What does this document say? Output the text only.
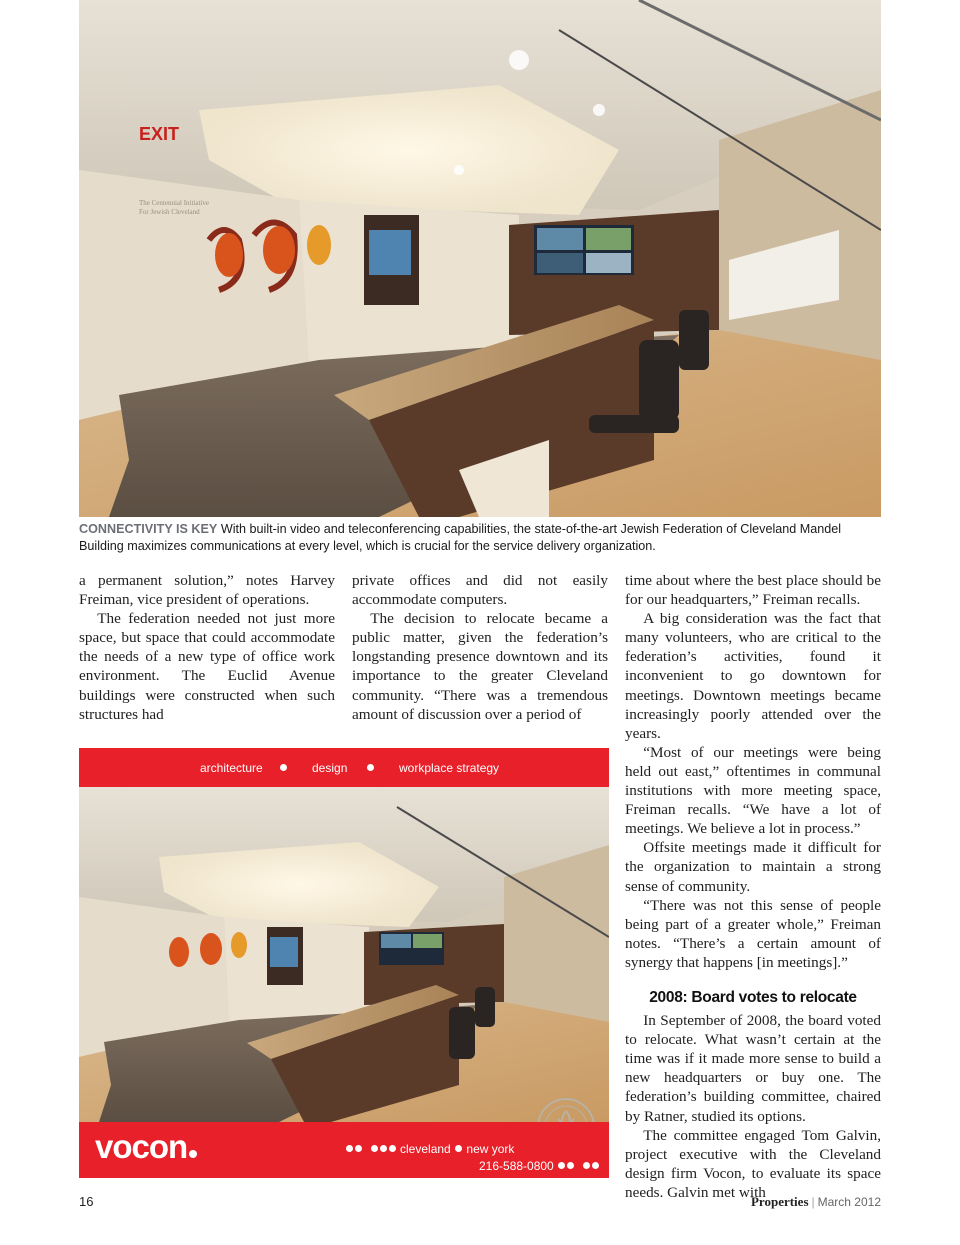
EXIT
The Centennial Initiative
For Jewish Cleveland
CONNECTIVITY IS KEY With built-in video and teleconferencing capabilities, the state-of-the-art Jewish Federation of Cleveland Mandel Building maximizes communications at every level, which is crucial for the service delivery organization.

a permanent solution,” notes Harvey Freiman, vice president of operations.

The federation needed not just more space, but space that could accommodate the needs of a new type of office work environment. The Euclid Avenue buildings were constructed when such structures had

private offices and did not easily accommodate computers.

The decision to relocate became a public matter, given the federation’s longstanding presence downtown and its importance to the greater Cleveland community. “There was a tremendous amount of discussion over a period of

time about where the best place should be for our headquarters,” Freiman recalls.

A big consideration was the fact that many volunteers, who are critical to the federation’s activities, found it inconvenient to go downtown for meetings. Downtown meetings became increasingly poorly attended over the years.

“Most of our meetings were being held out east,” oftentimes in communal institutions with more meeting space, Freiman recalls. “We have a lot of meetings. We believe a lot in process.”

Offsite meetings made it difficult for the organization to maintain a strong sense of community.

“There was not this sense of people being part of a greater whole,” Freiman notes. “There’s a certain amount of synergy that happens [in meetings].”

2008: Board votes to relocate

In September of 2008, the board voted to relocate. What wasn’t certain at the time was if it made more sense to build a new headquarters or buy one. The federation’s building committee, chaired by Ratner, studied its options.

The committee engaged Tom Galvin, project executive with the Cleveland design firm Vocon, to evaluate its space needs. Galvin met with

architecture	design	workplace strategy
LEED
vocon	cleveland new york
216-588-0800
16	Properties | March 2012
